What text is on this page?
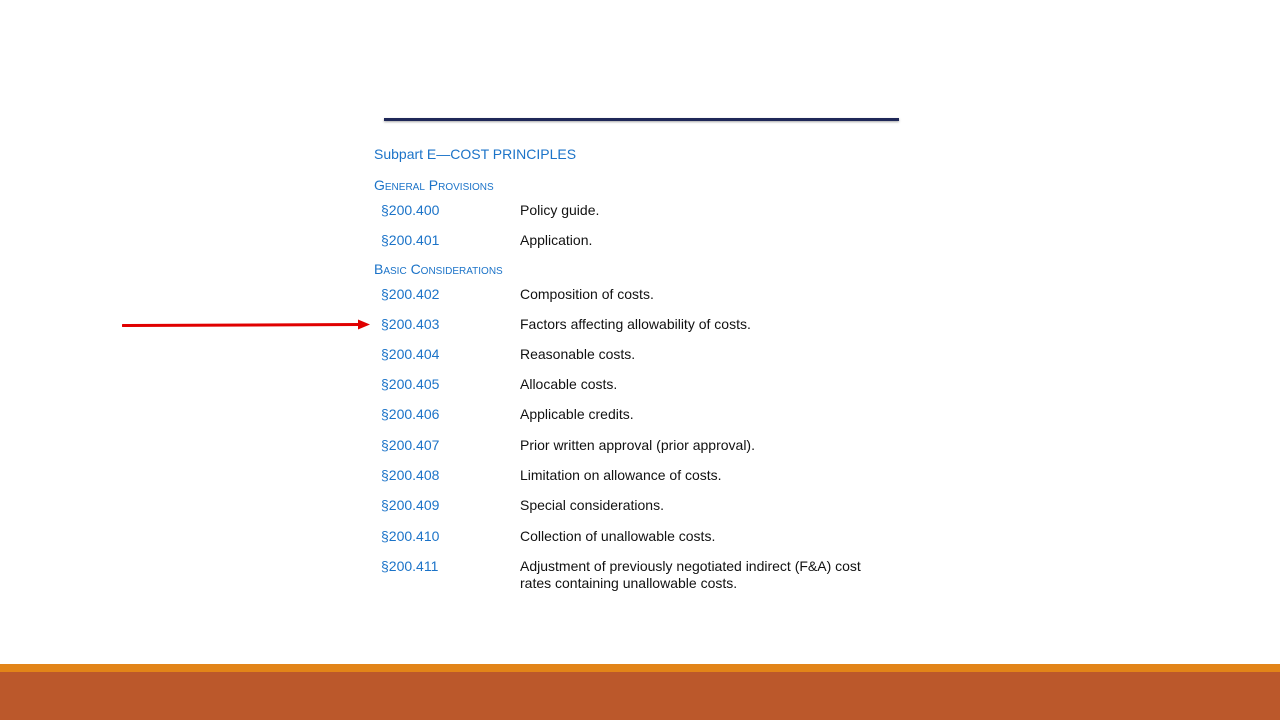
Subpart E—COST PRINCIPLES
General Provisions
§200.400	Policy guide.
§200.401	Application.
Basic Considerations
§200.402	Composition of costs.
§200.403	Factors affecting allowability of costs.
§200.404	Reasonable costs.
§200.405	Allocable costs.
§200.406	Applicable credits.
§200.407	Prior written approval (prior approval).
§200.408	Limitation on allowance of costs.
§200.409	Special considerations.
§200.410	Collection of unallowable costs.
§200.411	Adjustment of previously negotiated indirect (F&A) cost rates containing unallowable costs.
